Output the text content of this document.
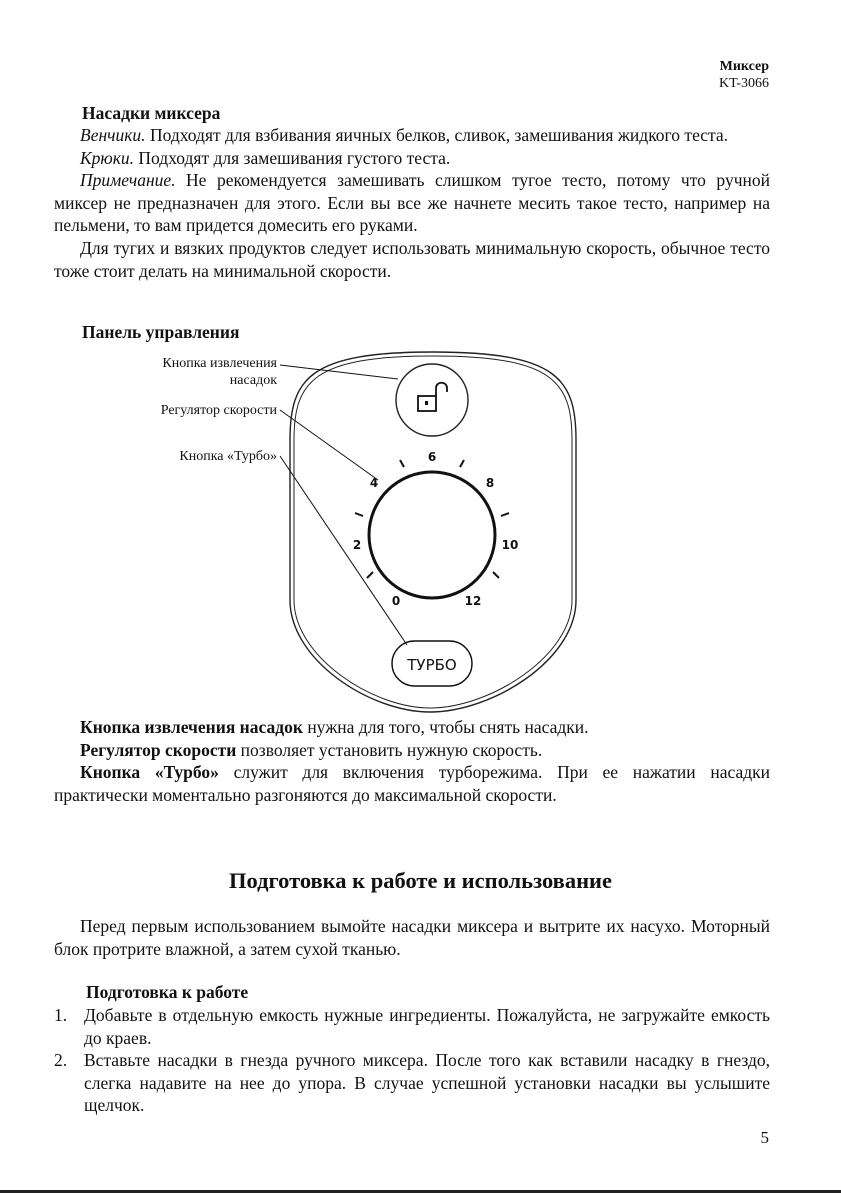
Миксер
KT-3066
Насадки миксера
Венчики. Подходят для взбивания яичных белков, сливок, замешивания жидкого теста.
Крюки. Подходят для замешивания густого теста.
Примечание. Не рекомендуется замешивать слишком тугое тесто, потому что ручной миксер не предназначен для этого. Если вы все же начнете месить такое тесто, например на пельмени, то вам придется домесить его руками.
Для тугих и вязких продуктов следует использовать минимальную скорость, обычное тесто тоже стоит делать на минимальной скорости.
Панель управления
Кнопка извлечения
насадок
Регулятор скорости
Кнопка «Турбо»
0
2
4
6
8
10
12
ТУРБО
Кнопка извлечения насадок нужна для того, чтобы снять насадки.
Регулятор скорости позволяет установить нужную скорость.
Кнопка «Турбо» служит для включения турборежима. При ее нажатии насадки практически моментально разгоняются до максимальной скорости.
Подготовка к работе и использование
Перед первым использованием вымойте насадки миксера и вытрите их насухо. Моторный блок протрите влажной, а затем сухой тканью.
Подготовка к работе
1. Добавьте в отдельную емкость нужные ингредиенты. Пожалуйста, не загружайте емкость до краев.
2. Вставьте насадки в гнезда ручного миксера. После того как вставили насадку в гнездо, слегка надавите на нее до упора. В случае успешной установки насадки вы услышите щелчок.
5
